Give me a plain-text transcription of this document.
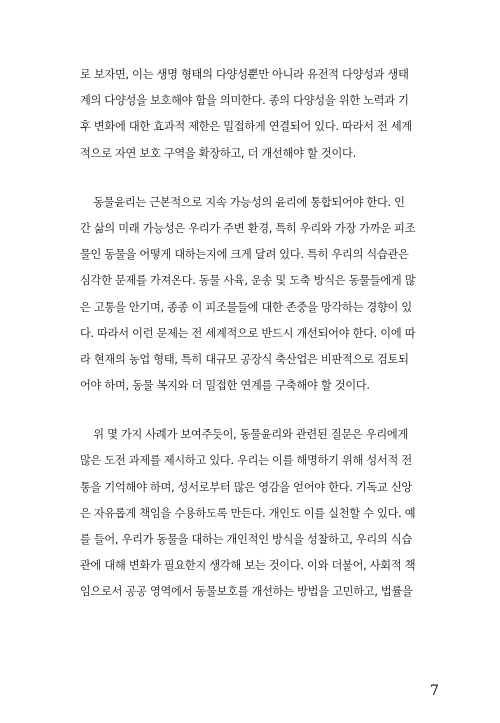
로 보자면, 이는 생명 형태의 다양성뿐만 아니라 유전적 다양성과 생태
계의 다양성을 보호해야 함을 의미한다. 종의 다양성을 위한 노력과 기
후 변화에 대한 효과적 제한은 밀접하게 연결되어 있다. 따라서 전 세계
적으로 자연 보호 구역을 확장하고, 더 개선해야 할 것이다.
동물윤리는 근본적으로 지속 가능성의 윤리에 통합되어야 한다. 인
간 삶의 미래 가능성은 우리가 주변 환경, 특히 우리와 가장 가까운 피조
물인 동물을 어떻게 대하는지에 크게 달려 있다. 특히 우리의 식습관은
심각한 문제를 가져온다. 동물 사육, 운송 및 도축 방식은 동물들에게 많
은 고통을 안기며, 종종 이 피조물들에 대한 존중을 망각하는 경향이 있
다. 따라서 이런 문제는 전 세계적으로 반드시 개선되어야 한다. 이에 따
라 현재의 농업 형태, 특히 대규모 공장식 축산업은 비판적으로 검토되
어야 하며, 동물 복지와 더 밀접한 연계를 구축해야 할 것이다.
위 몇 가지 사례가 보여주듯이, 동물윤리와 관련된 질문은 우리에게
많은 도전 과제를 제시하고 있다. 우리는 이를 해명하기 위해 성서적 전
통을 기억해야 하며, 성서로부터 많은 영감을 얻어야 한다. 기독교 신앙
은 자유롭게 책임을 수용하도록 만든다. 개인도 이를 실천할 수 있다. 예
를 들어, 우리가 동물을 대하는 개인적인 방식을 성찰하고, 우리의 식습
관에 대해 변화가 필요한지 생각해 보는 것이다. 이와 더불어, 사회적 책
임으로서 공공 영역에서 동물보호를 개선하는 방법을 고민하고, 법률을
7
